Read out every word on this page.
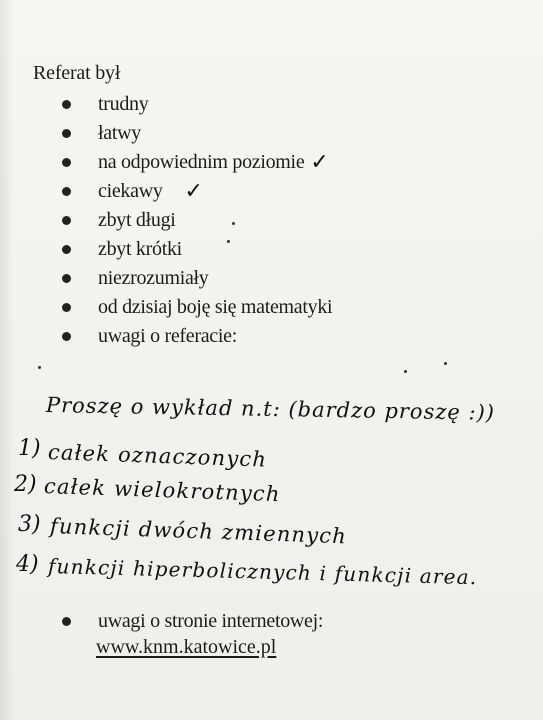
Referat był
trudny
łatwy
na odpowiednim poziomie ✓
ciekawy ✓
zbyt długi
zbyt krótki
niezrozumiały
od dzisiaj boję się matematyki
uwagi o referacie:
Proszę o wykład n.t: (bardzo proszę :))
1) całek oznaczonych
2) całek wielokrotnych
3) funkcji dwóch zmiennych
4) funkcji hiperbolicznych i funkcji area.
uwagi o stronie internetowej:
www.knm.katowice.pl
